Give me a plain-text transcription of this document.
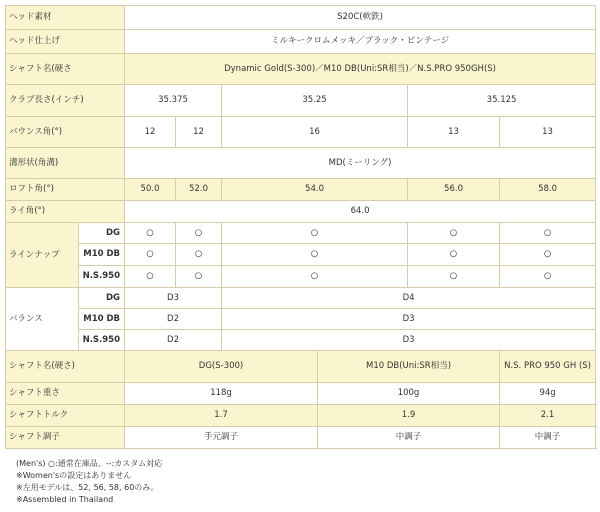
ヘッド素材		S20C(軟鉄)						
ヘッド仕上げ		ミルキークロムメッキ／ブラック・ビンテージ						
シャフト名(硬さ		Dynamic Gold(S-300)／M10 DB(Uni:SR相当)／N.S.PRO 950GH(S)						
クラブ長さ(インチ)		35.375		35.25		35.125		
バウンス角(°)		12	12	16		13	13	
溝形状(角溝)		MD(ミーリング)						
ロフト角(°)		50.0	52.0	54.0		56.0	58.0	
ライ角(°)		64.0						
ラインナップ	DG	○	○	○		○	○	
	M10 DB	○	○	○		○	○	
	N.S.950	○	○	○		○	○	
バランス	DG	D3		D4				
	M10 DB	D2		D3				
	N.S.950	D2		D3				
シャフト名(硬さ)		DG(S-300)			M10 DB(Uni:SR相当)		N.S. PRO 950 GH (S)	
シャフト重さ		118g			100g		94g	
シャフトトルク		1.7			1.9		2.1	
シャフト調子		手元調子			中調子		中調子	
(Men's) ○:通常在庫品、--:カスタム対応
※Women'sの設定はありません
※左用モデルは、52, 56, 58, 60のみ。
※Assembled in Thailand
